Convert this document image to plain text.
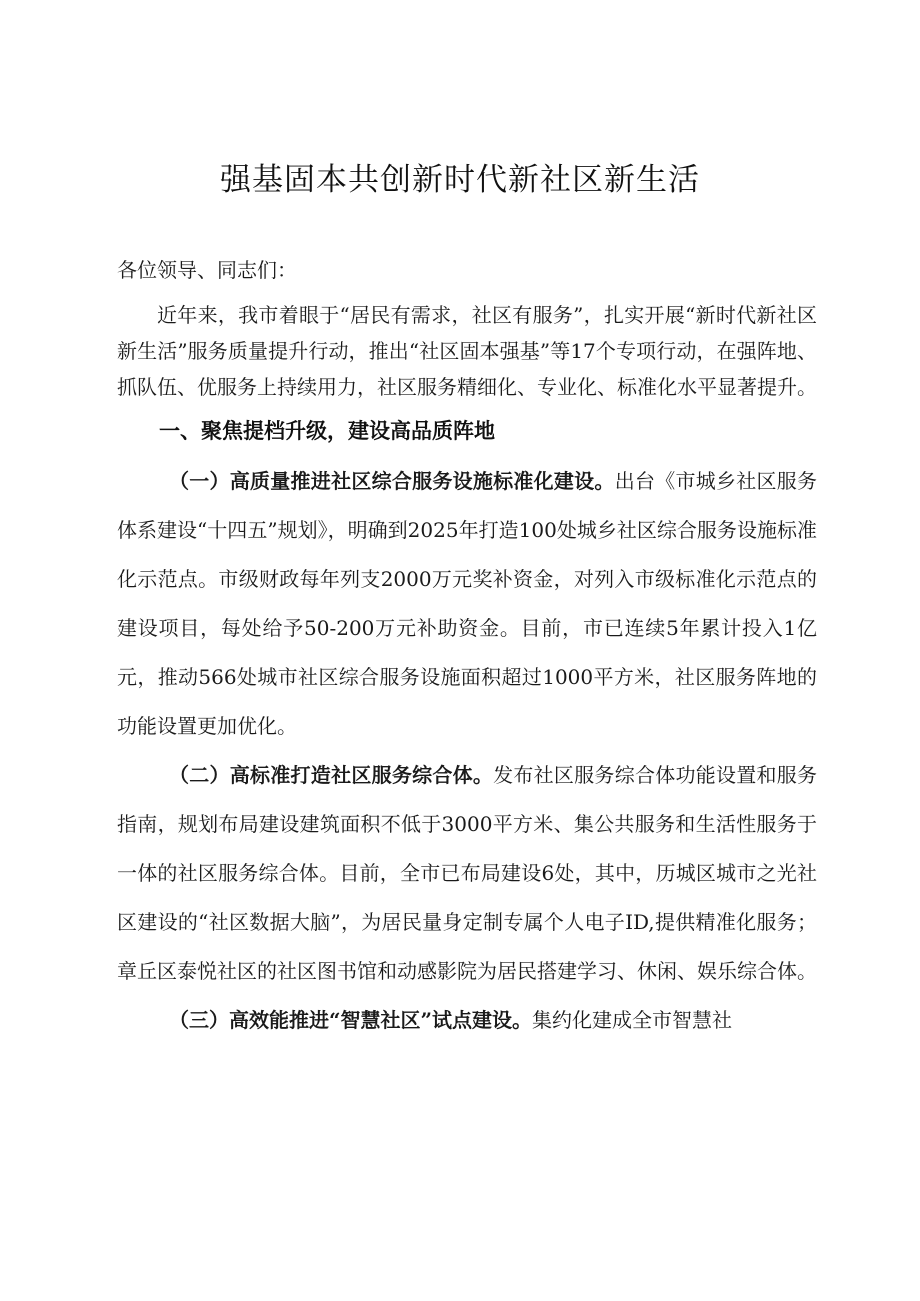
强基固本共创新时代新社区新生活

各位领导、同志们：

近年来，我市着眼于“居民有需求，社区有服务”，扎实开展“新时代新社区新生活”服务质量提升行动，推出“社区固本强基”等17个专项行动，在强阵地、抓队伍、优服务上持续用力，社区服务精细化、专业化、标准化水平显著提升。

一、聚焦提档升级，建设高品质阵地

（一）高质量推进社区综合服务设施标准化建设。出台《市城乡社区服务体系建设“十四五”规划》，明确到2025年打造100处城乡社区综合服务设施标准化示范点。市级财政每年列支2000万元奖补资金，对列入市级标准化示范点的建设项目，每处给予50-200万元补助资金。目前，市已连续5年累计投入1亿元，推动566处城市社区综合服务设施面积超过1000平方米，社区服务阵地的功能设置更加优化。

（二）高标准打造社区服务综合体。发布社区服务综合体功能设置和服务指南，规划布局建设建筑面积不低于3000平方米、集公共服务和生活性服务于一体的社区服务综合体。目前，全市已布局建设6处，其中，历城区城市之光社区建设的“社区数据大脑”，为居民量身定制专属个人电子ID,提供精准化服务；章丘区泰悦社区的社区图书馆和动感影院为居民搭建学习、休闲、娱乐综合体。

（三）高效能推进“智慧社区”试点建设。集约化建成全市智慧社
